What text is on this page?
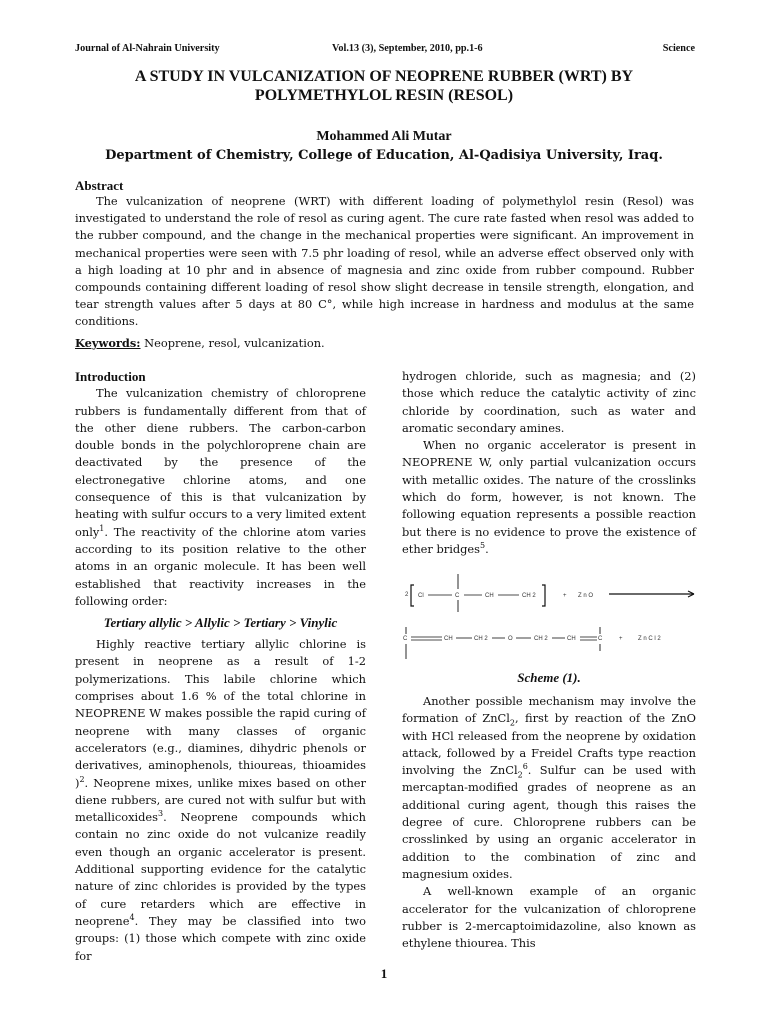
Journal of Al-Nahrain University	Vol.13 (3), September, 2010, pp.1-6	Science
A STUDY IN VULCANIZATION OF NEOPRENE RUBBER (WRT) BY
POLYMETHYLOL RESIN (RESOL)
Mohammed Ali Mutar
Department of Chemistry, College of Education, Al-Qadisiya University, Iraq.
Abstract
The vulcanization of neoprene (WRT) with different loading of polymethylol resin (Resol) was investigated to understand the role of resol as curing agent. The cure rate fasted when resol was added to the rubber compound, and the change in the mechanical properties were significant. An improvement in mechanical properties were seen with 7.5 phr loading of resol, while an adverse effect observed only with a high loading at 10 phr and in absence of magnesia and zinc oxide from rubber compound. Rubber compounds containing different loading of resol show slight decrease in tensile strength, elongation, and tear strength values after 5 days at 80 C°, while high increase in hardness and modulus at the same conditions.
Keywords: Neoprene, resol, vulcanization.
Introduction

The vulcanization chemistry of chloroprene rubbers is fundamentally different from that of the other diene rubbers. The carbon-carbon double bonds in the polychloroprene chain are deactivated by the presence of the electronegative chlorine atoms, and one consequence of this is that vulcanization by heating with sulfur occurs to a very limited extent only$^1$. The reactivity of the chlorine atom varies according to its position relative to the other atoms in an organic molecule. It has been well established that reactivity increases in the following order:

Tertiary allylic > Allylic > Tertiary > Vinylic

Highly reactive tertiary allylic chlorine is present in neoprene as a result of 1-2 polymerizations. This labile chlorine which comprises about 1.6 % of the total chlorine in NEOPRENE W makes possible the rapid curing of neoprene with many classes of organic accelerators (e.g., diamines, dihydric phenols or derivatives, aminophenols, thioureas, thioamides )$^2$. Neoprene mixes, unlike mixes based on other diene rubbers, are cured not with sulfur but with metallicoxides$^3$. Neoprene compounds which contain no zinc oxide do not vulcanize readily even though an organic accelerator is present. Additional supporting evidence for the catalytic nature of zinc chlorides is provided by the types of cure retarders which are effective in neoprene$^4$. They may be classified into two groups: (1) those which compete with zinc oxide for

hydrogen chloride, such as magnesia; and (2) those which reduce the catalytic activity of zinc chloride by coordination, such as water and aromatic secondary amines.

When no organic accelerator is present in NEOPRENE W, only partial vulcanization occurs with metallic oxides. The nature of the crosslinks which do form, however, is not known. The following equation represents a possible reaction but there is no evidence to prove the existence of ether bridges$^5$.

2 Cl	C	CH	CH 2	+ Z n O
C	CH	CH 2	O	CH 2	CH	C	+	Z n C l 2
Scheme (1).

Another possible mechanism may involve the formation of ZnCl$_2$, first by reaction of the ZnO with HCl released from the neoprene by oxidation attack, followed by a Freidel Crafts type reaction involving the ZnCl$_2^6$. Sulfur can be used with mercaptan-modified grades of neoprene as an additional curing agent, though this raises the degree of cure. Chloroprene rubbers can be crosslinked by using an organic accelerator in addition to the combination of zinc and magnesium oxides.

A well-known example of an organic accelerator for the vulcanization of chloroprene rubber is 2-mercaptoimidazoline, also known as ethylene thiourea. This

1
